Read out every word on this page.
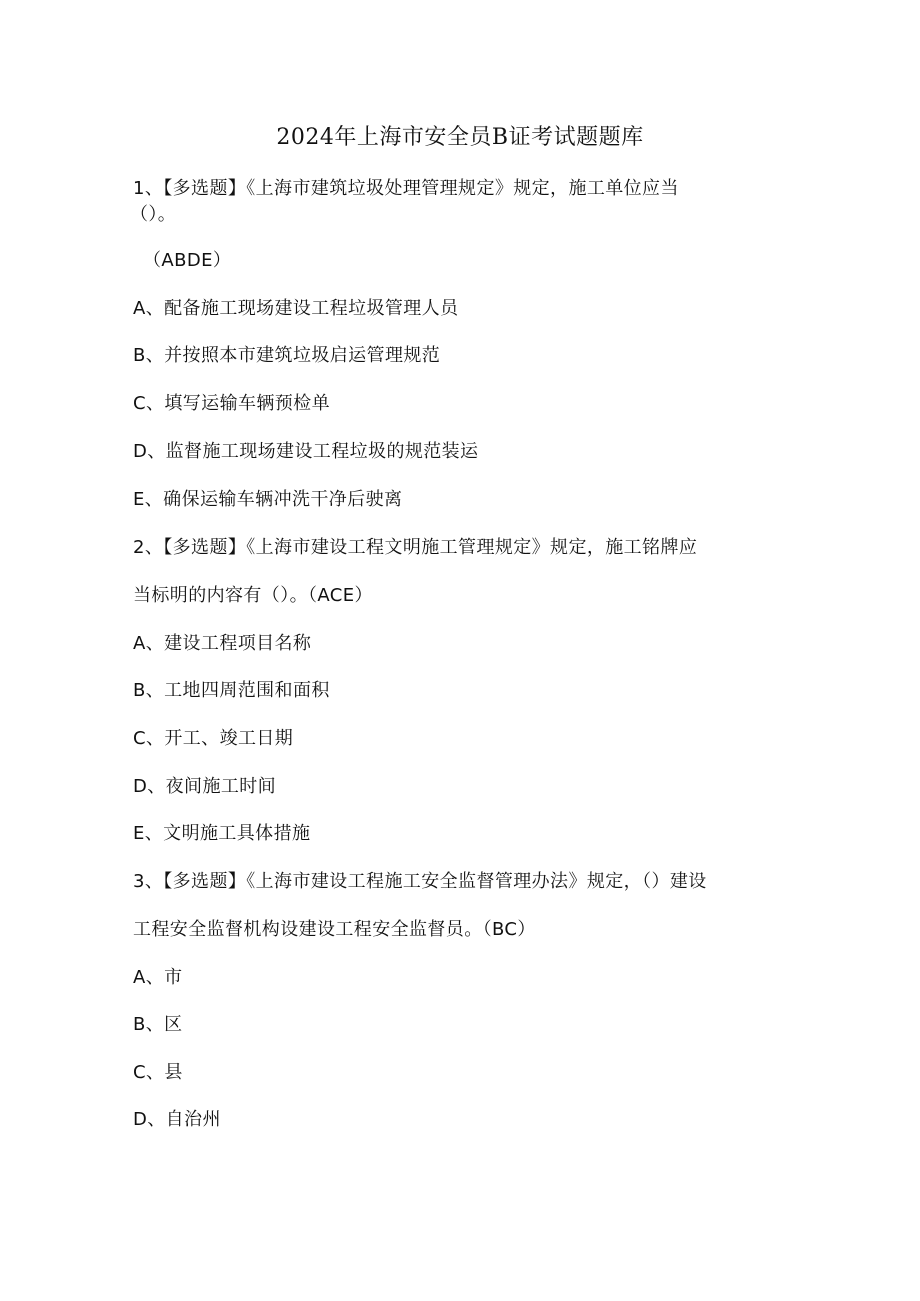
2024年上海市安全员B证考试题题库
1、【多选题】《上海市建筑垃圾处理管理规定》规定，施工单位应当
（）。
（ABDE）
A、配备施工现场建设工程垃圾管理人员
B、并按照本市建筑垃圾启运管理规范
C、填写运输车辆预检单
D、监督施工现场建设工程垃圾的规范装运
E、确保运输车辆冲洗干净后驶离
2、【多选题】《上海市建设工程文明施工管理规定》规定，施工铭牌应
当标明的内容有（）。（ACE）
A、建设工程项目名称
B、工地四周范围和面积
C、开工、竣工日期
D、夜间施工时间
E、文明施工具体措施
3、【多选题】《上海市建设工程施工安全监督管理办法》规定，（）建设
工程安全监督机构设建设工程安全监督员。（BC）
A、市
B、区
C、县
D、自治州
